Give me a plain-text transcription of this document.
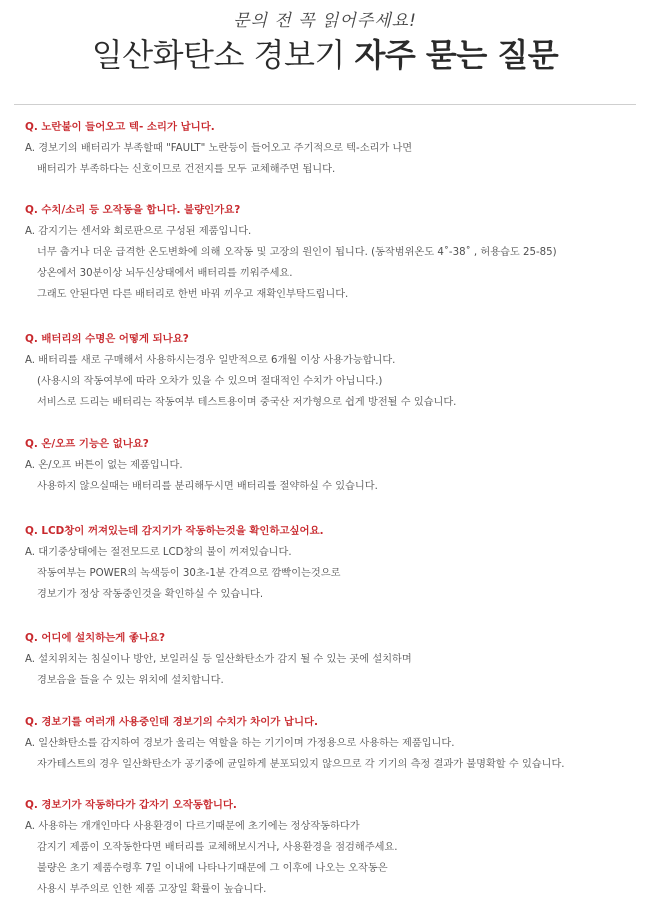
문의 전 꼭 읽어주세요!
일산화탄소 경보기 자주 묻는 질문
Q. 노란불이 들어오고 텍- 소리가 납니다.
A. 경보기의 배터리가 부족할때 "FAULT" 노란등이 들어오고 주기적으로 텍-소리가 나면
배터리가 부족하다는 신호이므로 건전지를 모두 교체해주면 됩니다.
Q. 수치/소리 등 오작동을 합니다. 불량인가요?
A. 감지기는 센서와 회로판으로 구성된 제품입니다.
너무 춥거나 더운 급격한 온도변화에 의해 오작동 및 고장의 원인이 됩니다. (동작범위온도 4˚-38˚ , 허용습도 25-85)
상온에서 30분이상 뇌두신상태에서 배터리를 끼워주세요.
그래도 안된다면 다른 배터리로 한번 바꿔 끼우고 재확인부탁드립니다.
Q. 배터리의 수명은 어떻게 되나요?
A. 배터리를 새로 구매해서 사용하시는경우 일반적으로 6개월 이상 사용가능합니다.
(사용시의 작동여부에 따라 오차가 있을 수 있으며 절대적인 수치가 아닙니다.)
서비스로 드리는 배터리는 작동여부 테스트용이며 중국산 저가형으로 쉽게 방전될 수 있습니다.
Q. 온/오프 기능은 없나요?
A. 온/오프 버튼이 없는 제품입니다.
사용하지 않으실때는 배터리를 분리해두시면 배터리를 절약하실 수 있습니다.
Q. LCD창이 꺼져있는데 감지기가 작동하는것을 확인하고싶어요.
A. 대기중상태에는 절전모드로 LCD창의 불이 꺼져있습니다.
작동여부는 POWER의 녹색등이 30초-1분 간격으로 깜빡이는것으로
경보기가 정상 작동중인것을 확인하실 수 있습니다.
Q. 어디에 설치하는게 좋나요?
A. 설치위치는 침실이나 방안, 보일러실 등 일산화탄소가 감지 될 수 있는 곳에 설치하며
경보음을 들을 수 있는 위치에 설치합니다.
Q. 경보기를 여러개 사용중인데 경보기의 수치가 차이가 납니다.
A. 일산화탄소를 감지하여 경보가 울리는 역할을 하는 기기이며 가정용으로 사용하는 제품입니다.
자가테스트의 경우 일산화탄소가 공기중에 균일하게 분포되있지 않으므로 각 기기의 측정 결과가 불명확할 수 있습니다.
Q. 경보기가 작동하다가 갑자기 오작동합니다.
A. 사용하는 개개인마다 사용환경이 다르기때문에 초기에는 정상작동하다가
감지기 제품이 오작동한다면 배터리를 교체해보시거나, 사용환경을 점검해주세요.
불량은 초기 제품수령후 7일 이내에 나타나기때문에 그 이후에 나오는 오작동은
사용시 부주의로 인한 제품 고장일 확률이 높습니다.
